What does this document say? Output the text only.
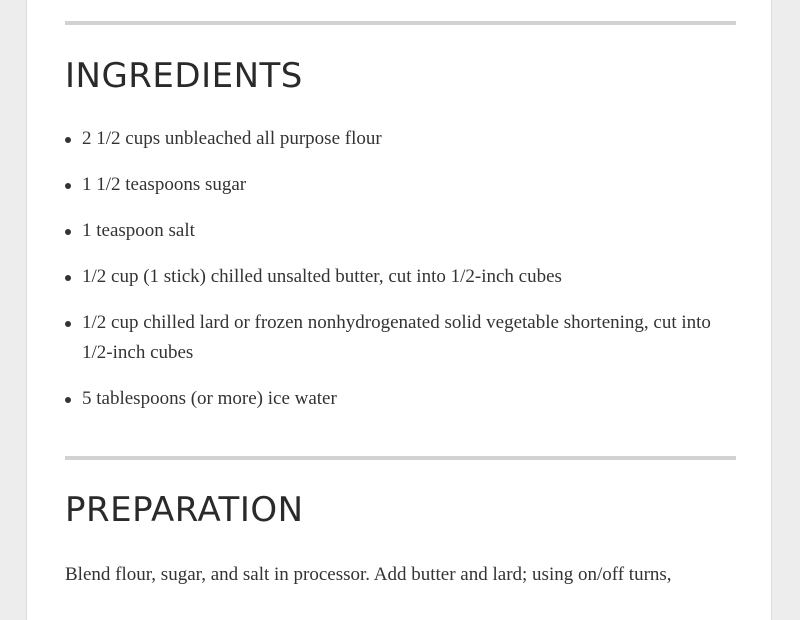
INGREDIENTS
2 1/2 cups unbleached all purpose flour
1 1/2 teaspoons sugar
1 teaspoon salt
1/2 cup (1 stick) chilled unsalted butter, cut into 1/2-inch cubes
1/2 cup chilled lard or frozen nonhydrogenated solid vegetable shortening, cut into 1/2-inch cubes
5 tablespoons (or more) ice water
PREPARATION

Blend flour, sugar, and salt in processor. Add butter and lard; using on/off turns,
